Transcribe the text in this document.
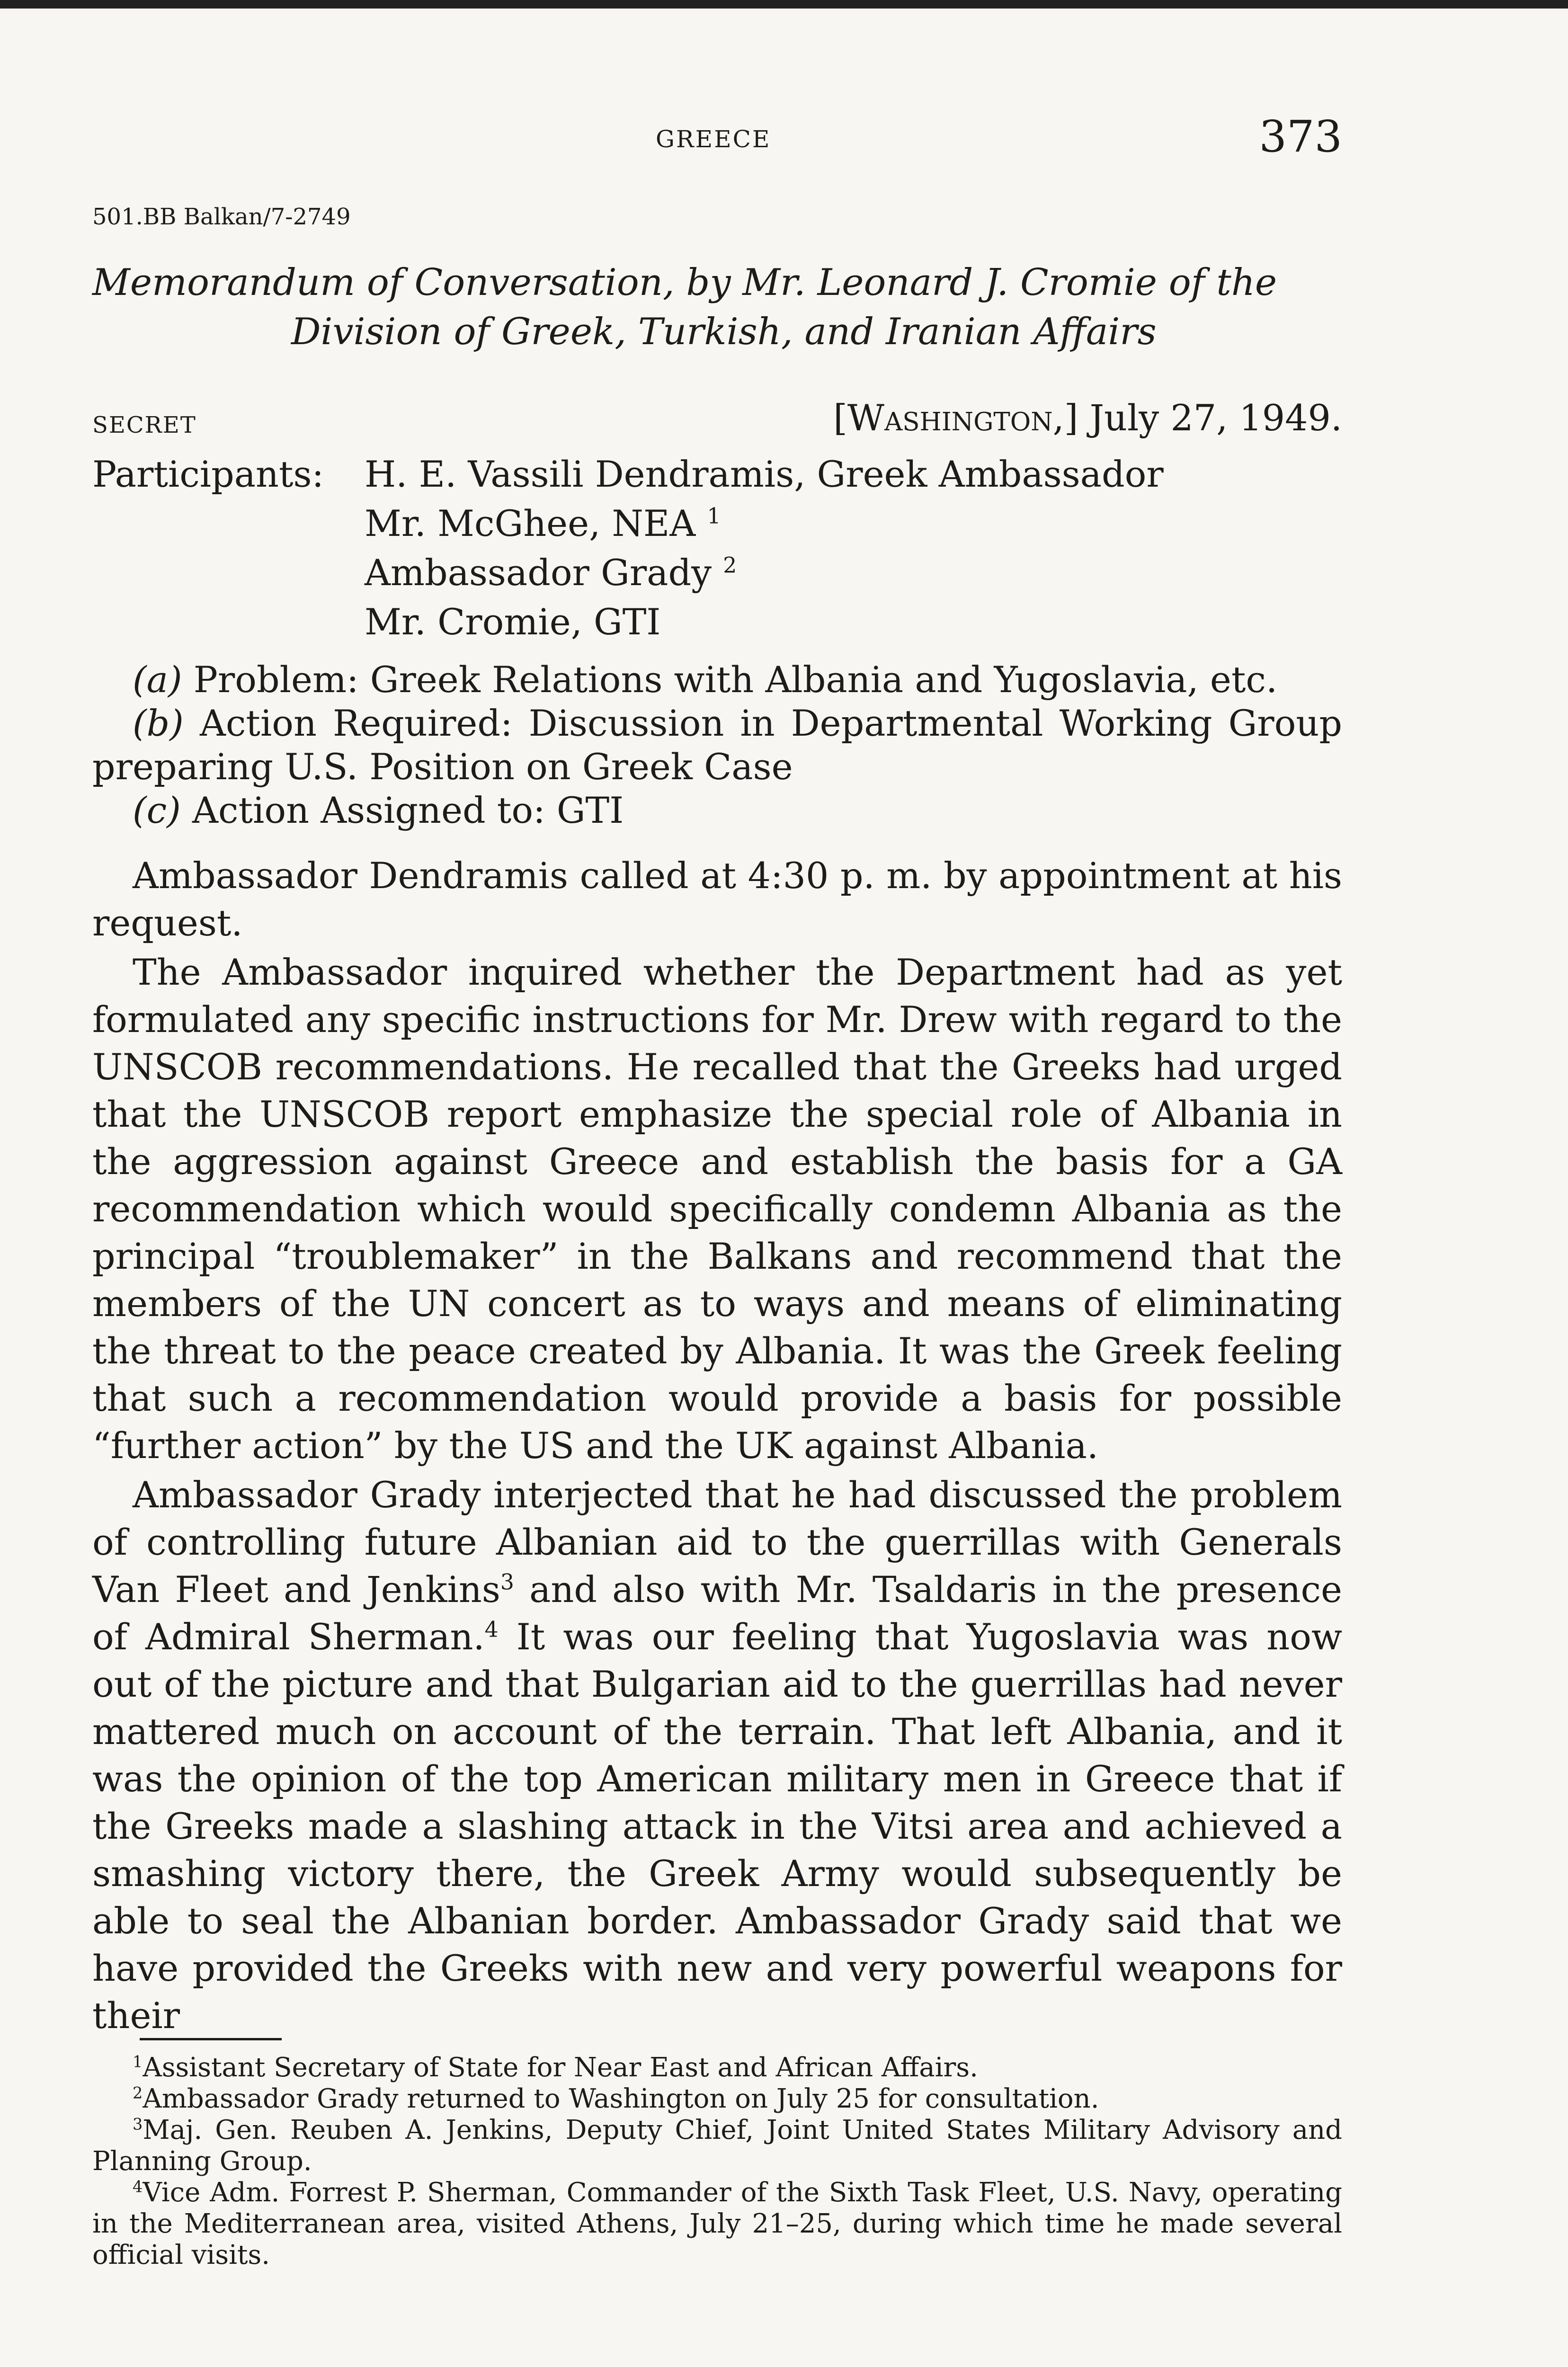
GREECE	373
501.BB Balkan/7-2749
Memorandum of Conversation, by Mr. Leonard J. Cromie of the
Division of Greek, Turkish, and Iranian Affairs
SECRET	[Washington,] July 27, 1949.
Participants: H. E. Vassili Dendramis, Greek Ambassador
Mr. McGhee, NEA $^1$
Ambassador Grady $^2$
Mr. Cromie, GTI
(a) Problem: Greek Relations with Albania and Yugoslavia, etc.
(b) Action Required: Discussion in Departmental Working Group preparing U.S. Position on Greek Case
(c) Action Assigned to: GTI

Ambassador Dendramis called at 4:30 p. m. by appointment at his request.

The Ambassador inquired whether the Department had as yet formulated any specific instructions for Mr. Drew with regard to the UNSCOB recommendations. He recalled that the Greeks had urged that the UNSCOB report emphasize the special role of Albania in the aggression against Greece and establish the basis for a GA recommendation which would specifically condemn Albania as the principal “troublemaker” in the Balkans and recommend that the members of the UN concert as to ways and means of eliminating the threat to the peace created by Albania. It was the Greek feeling that such a recommendation would provide a basis for possible “further action” by the US and the UK against Albania.

Ambassador Grady interjected that he had discussed the problem of controlling future Albanian aid to the guerrillas with Generals Van Fleet and Jenkins$^3$ and also with Mr. Tsaldaris in the presence of Admiral Sherman.$^4$ It was our feeling that Yugoslavia was now out of the picture and that Bulgarian aid to the guerrillas had never mattered much on account of the terrain. That left Albania, and it was the opinion of the top American military men in Greece that if the Greeks made a slashing attack in the Vitsi area and achieved a smashing victory there, the Greek Army would subsequently be able to seal the Albanian border. Ambassador Grady said that we have provided the Greeks with new and very powerful weapons for their

$^1$Assistant Secretary of State for Near East and African Affairs.
$^2$Ambassador Grady returned to Washington on July 25 for consultation.
$^3$Maj. Gen. Reuben A. Jenkins, Deputy Chief, Joint United States Military Advisory and Planning Group.
$^4$Vice Adm. Forrest P. Sherman, Commander of the Sixth Task Fleet, U.S. Navy, operating in the Mediterranean area, visited Athens, July 21–25, during which time he made several official visits.
